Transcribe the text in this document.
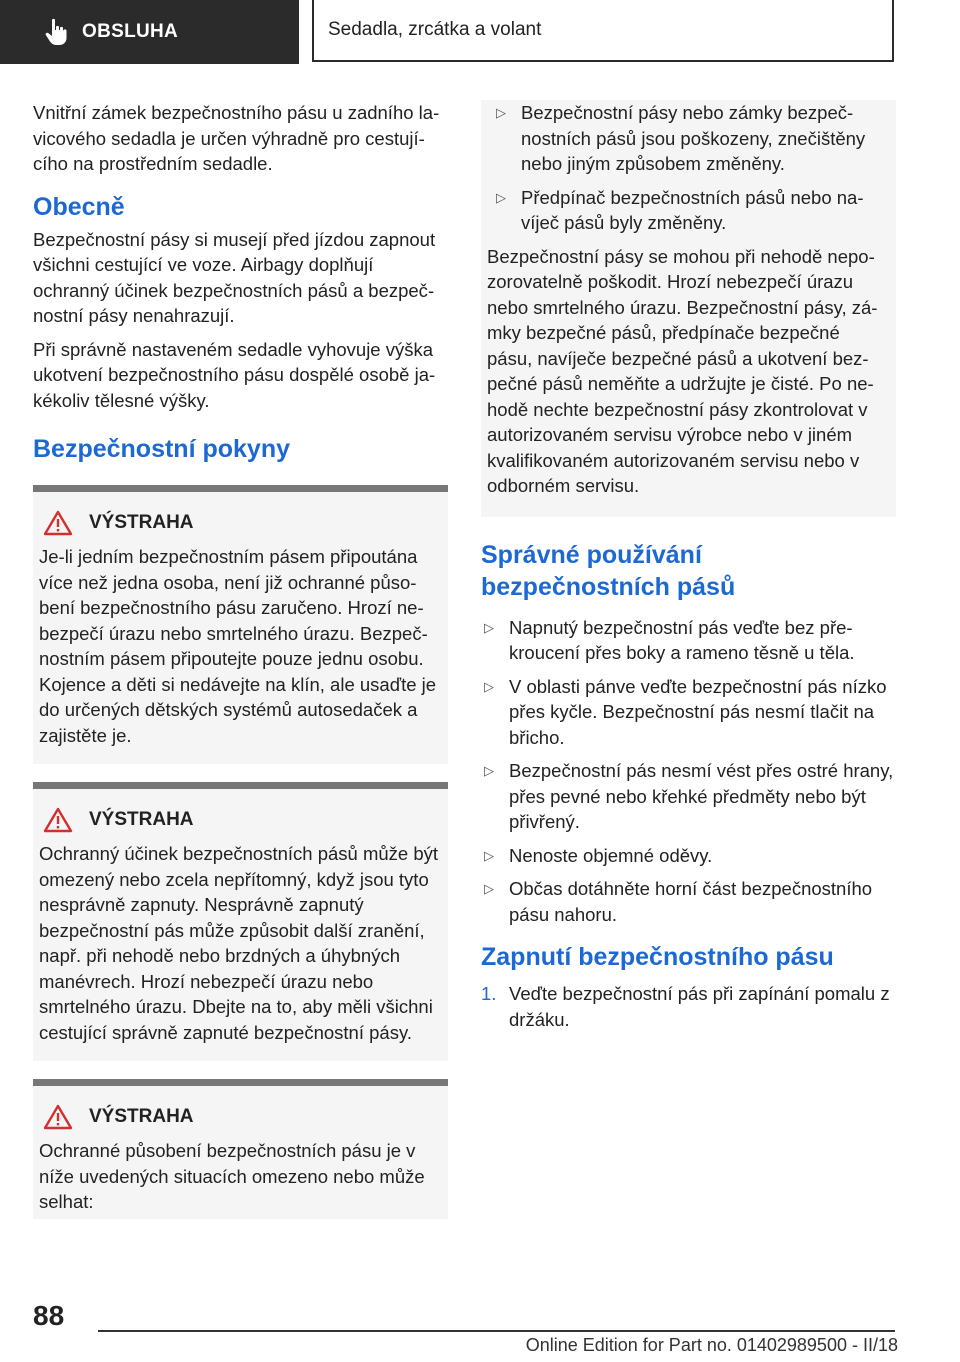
OBSLUHA	Sedadla, zrcátka a volant

Vnitřní zámek bezpečnostního pásu u zadního lavicového sedadla je určen výhradně pro cestujícího na prostředním sedadle.

Obecně

Bezpečnostní pásy si musejí před jízdou zapnout všichni cestující ve voze. Airbagy doplňují ochranný účinek bezpečnostních pásů a bezpečnostní pásy nenahrazují.

Při správně nastaveném sedadle vyhovuje výška ukotvení bezpečnostního pásu dospělé osobě jakékoliv tělesné výšky.

Bezpečnostní pokyny
VÝSTRAHA

Je-li jedním bezpečnostním pásem připoutána více než jedna osoba, není již ochranné působení bezpečnostního pásu zaručeno. Hrozí nebezpečí úrazu nebo smrtelného úrazu. Bezpečnostním pásem připoutejte pouze jednu osobu. Kojence a děti si nedávejte na klín, ale usaďte je do určených dětských systémů autosedaček a zajistěte je.

VÝSTRAHA

Ochranný účinek bezpečnostních pásů může být omezený nebo zcela nepřítomný, když jsou tyto nesprávně zapnuty. Nesprávně zapnutý bezpečnostní pás může způsobit další zranění, např. při nehodě nebo brzdných a úhybných manévrech. Hrozí nebezpečí úrazu nebo smrtelného úrazu. Dbejte na to, aby měli všichni cestující správně zapnuté bezpečnostní pásy.

VÝSTRAHA

Ochranné působení bezpečnostních pásu je v níže uvedených situacích omezeno nebo může selhat:

▷ Bezpečnostní pásy nebo zámky bezpečnostních pásů jsou poškozeny, znečištěny nebo jiným způsobem změněny.
▷ Předpínač bezpečnostních pásů nebo navíječ pásů byly změněny.

Bezpečnostní pásy se mohou při nehodě nepozorovatelně poškodit. Hrozí nebezpečí úrazu nebo smrtelného úrazu. Bezpečnostní pásy, zámky bezpečné pásů, předpínače bezpečné pásu, navíječe bezpečné pásů a ukotvení bezpečné pásů neměňte a udržujte je čisté. Po nehodě nechte bezpečnostní pásy zkontrolovat v autorizovaném servisu výrobce nebo v jiném kvalifikovaném autorizovaném servisu nebo v odborném servisu.

Správné používání bezpečnostních pásů
▷ Napnutý bezpečnostní pás veďte bez překroucení přes boky a rameno těsně u těla.
▷ V oblasti pánve veďte bezpečnostní pás nízko přes kyčle. Bezpečnostní pás nesmí tlačit na břicho.
▷ Bezpečnostní pás nesmí vést přes ostré hrany, přes pevné nebo křehké předměty nebo být přivřený.
▷ Nenoste objemné oděvy.
▷ Občas dotáhněte horní část bezpečnostního pásu nahoru.
Zapnutí bezpečnostního pásu
1. Veďte bezpečnostní pás při zapínání pomalu z držáku.
88
Online Edition for Part no. 01402989500 - II/18
